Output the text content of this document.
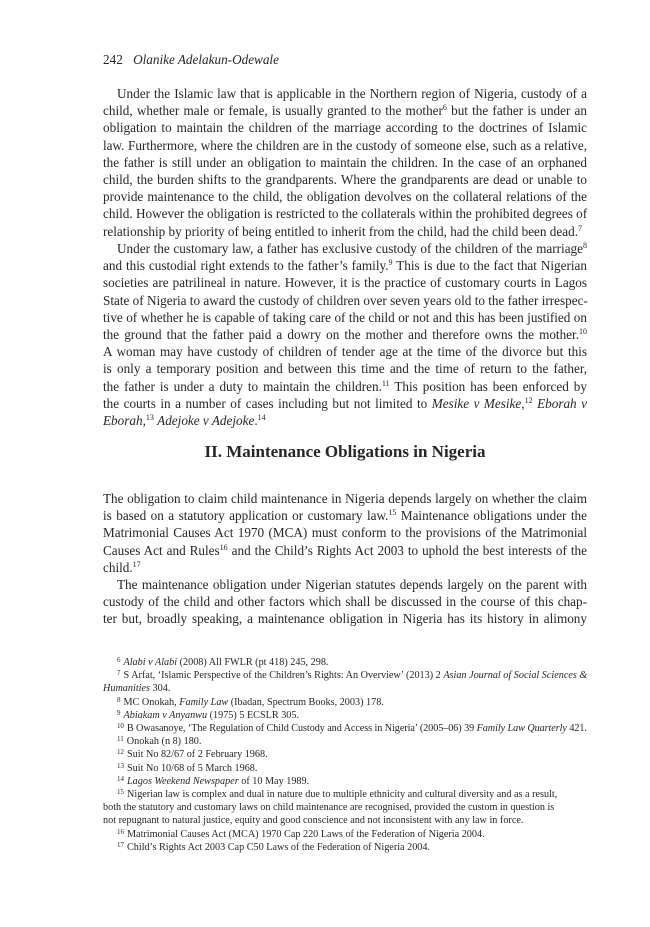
242 Olanike Adelakun-Odewale
Under the Islamic law that is applicable in the Northern region of Nigeria, custody of a
child, whether male or female, is usually granted to the mother$^6$ but the father is under an
obligation to maintain the children of the marriage according to the doctrines of Islamic
law. Furthermore, where the children are in the custody of someone else, such as a relative,
the father is still under an obligation to maintain the children. In the case of an orphaned
child, the burden shifts to the grandparents. Where the grandparents are dead or unable to
provide maintenance to the child, the obligation devolves on the collateral relations of the
child. However the obligation is restricted to the collaterals within the prohibited degrees of
relationship by priority of being entitled to inherit from the child, had the child been dead.$^7$
Under the customary law, a father has exclusive custody of the children of the marriage$^8$
and this custodial right extends to the father’s family.$^9$ This is due to the fact that Nigerian
societies are patrilineal in nature. However, it is the practice of customary courts in Lagos
State of Nigeria to award the custody of children over seven years old to the father irrespec-
tive of whether he is capable of taking care of the child or not and this has been justified on
the ground that the father paid a dowry on the mother and therefore owns the mother.$^{10}$
A woman may have custody of children of tender age at the time of the divorce but this
is only a temporary position and between this time and the time of return to the father,
the father is under a duty to maintain the children.$^{11}$ This position has been enforced by
the courts in a number of cases including but not limited to Mesike v Mesike,$^{12}$ Eborah v
Eborah,$^{13}$ Adejoke v Adejoke.$^{14}$
II. Maintenance Obligations in Nigeria
The obligation to claim child maintenance in Nigeria depends largely on whether the claim
is based on a statutory application or customary law.$^{15}$ Maintenance obligations under the
Matrimonial Causes Act 1970 (MCA) must conform to the provisions of the Matrimonial
Causes Act and Rules$^{16}$ and the Child’s Rights Act 2003 to uphold the best interests of the
child.$^{17}$
The maintenance obligation under Nigerian statutes depends largely on the parent with
custody of the child and other factors which shall be discussed in the course of this chap-
ter but, broadly speaking, a maintenance obligation in Nigeria has its history in alimony
$^6$ Alabi v Alabi (2008) All FWLR (pt 418) 245, 298.
$^7$ S Arfat, ‘Islamic Perspective of the Children’s Rights: An Overview’ (2013) 2 Asian Journal of Social Sciences &
Humanities 304.
$^8$ MC Onokah, Family Law (Ibadan, Spectrum Books, 2003) 178.
$^9$ Abiakam v Anyanwu (1975) 5 ECSLR 305.
$^{10}$ B Owasanoye, ‘The Regulation of Child Custody and Access in Nigeria’ (2005–06) 39 Family Law Quarterly 421.
$^{11}$ Onokah (n 8) 180.
$^{12}$ Suit No 82/67 of 2 February 1968.
$^{13}$ Suit No 10/68 of 5 March 1968.
$^{14}$ Lagos Weekend Newspaper of 10 May 1989.
$^{15}$ Nigerian law is complex and dual in nature due to multiple ethnicity and cultural diversity and as a result,
both the statutory and customary laws on child maintenance are recognised, provided the custom in question is
not repugnant to natural justice, equity and good conscience and not inconsistent with any law in force.
$^{16}$ Matrimonial Causes Act (MCA) 1970 Cap 220 Laws of the Federation of Nigeria 2004.
$^{17}$ Child’s Rights Act 2003 Cap C50 Laws of the Federation of Nigeria 2004.
